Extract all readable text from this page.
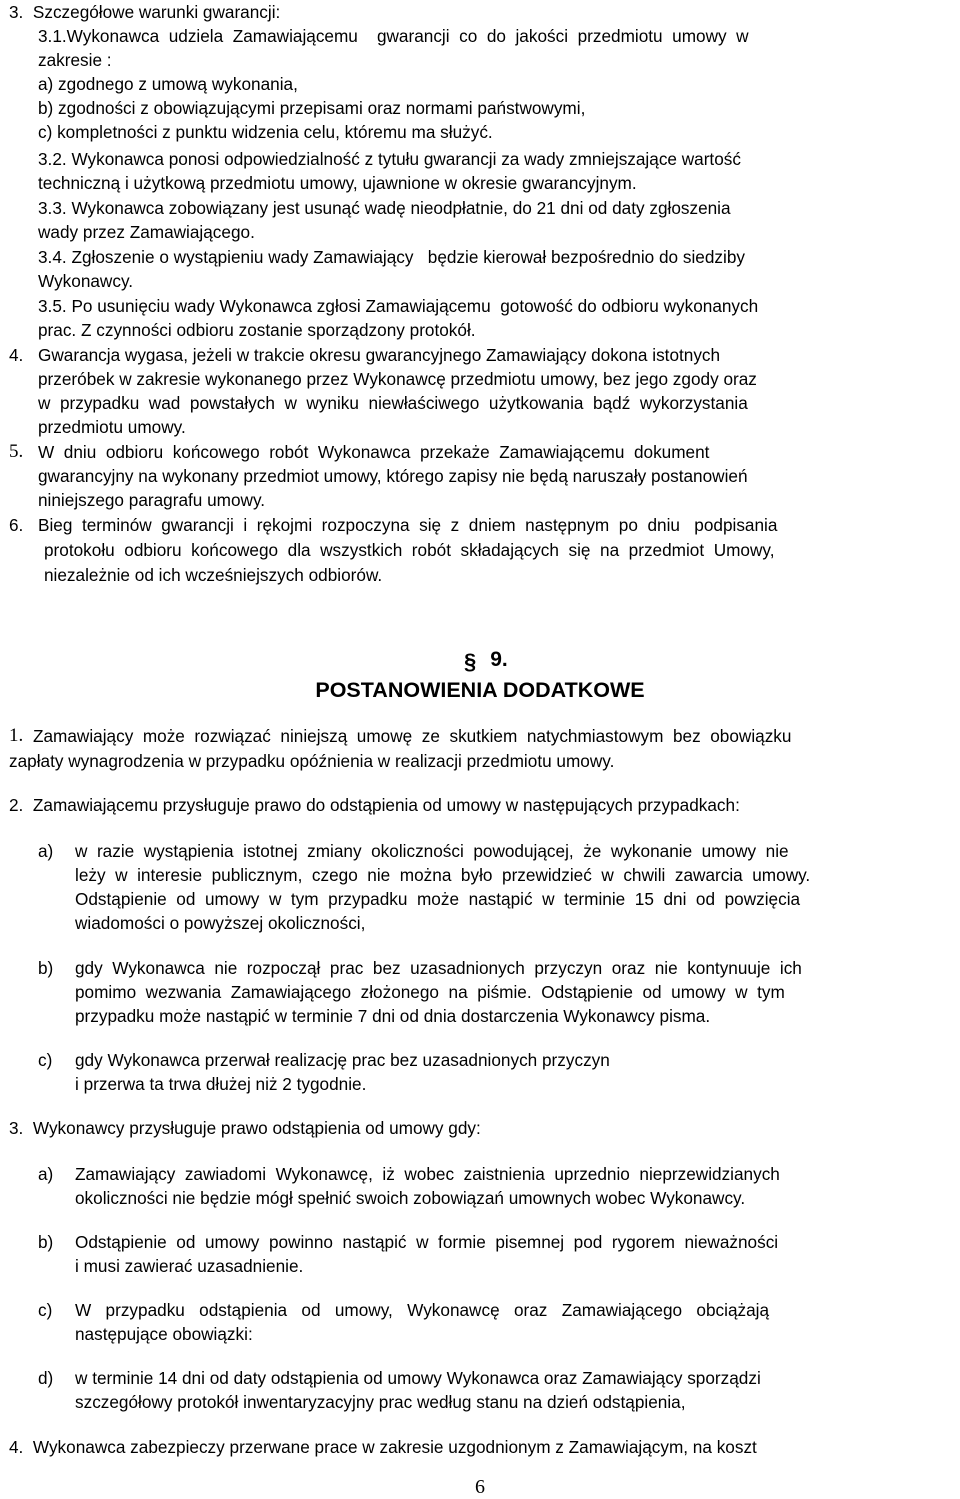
3.  Szczegółowe warunki gwarancji:
3.1.Wykonawca  udziela  Zamawiającemu    gwarancji  co  do  jakości  przedmiotu  umowy  w
zakresie :
a) zgodnego z umową wykonania,
b) zgodności z obowiązującymi przepisami oraz normami państwowymi,
c) kompletności z punktu widzenia celu, któremu ma służyć.
3.2. Wykonawca ponosi odpowiedzialność z tytułu gwarancji za wady zmniejszające wartość
techniczną i użytkową przedmiotu umowy, ujawnione w okresie gwarancyjnym.
3.3. Wykonawca zobowiązany jest usunąć wadę nieodpłatnie, do 21 dni od daty zgłoszenia
wady przez Zamawiającego.
3.4. Zgłoszenie o wystąpieniu wady Zamawiający   będzie kierował bezpośrednio do siedziby
Wykonawcy.
3.5. Po usunięciu wady Wykonawca zgłosi Zamawiającemu  gotowość do odbioru wykonanych
prac. Z czynności odbioru zostanie sporządzony protokół.
4. Gwarancja wygasa, jeżeli w trakcie okresu gwarancyjnego Zamawiający dokona istotnych
przeróbek w zakresie wykonanego przez Wykonawcę przedmiotu umowy, bez jego zgody oraz
w  przypadku  wad  powstałych  w  wyniku  niewłaściwego  użytkowania  bądź  wykorzystania
przedmiotu umowy.
5. W  dniu  odbioru  końcowego  robót  Wykonawca  przekaże  Zamawiającemu  dokument
gwarancyjny na wykonany przedmiot umowy, którego zapisy nie będą naruszały postanowień
niniejszego paragrafu umowy.
6. Bieg  terminów  gwarancji  i  rękojmi  rozpoczyna  się  z  dniem  następnym  po  dniu   podpisania
protokołu  odbioru  końcowego  dla  wszystkich  robót  składających  się  na  przedmiot  Umowy,
niezależnie od ich wcześniejszych odbiorów.
§ 9.
POSTANOWIENIA DODATKOWE
1. Zamawiający  może  rozwiązać  niniejszą  umowę  ze  skutkiem  natychmiastowym  bez  obowiązku
zapłaty wynagrodzenia w przypadku opóźnienia w realizacji przedmiotu umowy.
2.  Zamawiającemu przysługuje prawo do odstąpienia od umowy w następujących przypadkach:
a) w  razie  wystąpienia  istotnej  zmiany  okoliczności  powodującej,  że  wykonanie  umowy  nie
leży  w  interesie  publicznym,  czego  nie  można  było  przewidzieć  w  chwili  zawarcia  umowy.
Odstąpienie  od  umowy  w  tym  przypadku  może  nastąpić  w  terminie  15  dni  od  powzięcia
wiadomości o powyższej okoliczności,
b) gdy  Wykonawca  nie  rozpoczął  prac  bez  uzasadnionych  przyczyn  oraz  nie  kontynuuje  ich
pomimo  wezwania  Zamawiającego  złożonego  na  piśmie.  Odstąpienie  od  umowy  w  tym
przypadku może nastąpić w terminie 7 dni od dnia dostarczenia Wykonawcy pisma.
c) gdy Wykonawca przerwał realizację prac bez uzasadnionych przyczyn
i przerwa ta trwa dłużej niż 2 tygodnie.
3.  Wykonawcy przysługuje prawo odstąpienia od umowy gdy:
a) Zamawiający  zawiadomi  Wykonawcę,  iż  wobec  zaistnienia  uprzednio  nieprzewidzianych
okoliczności nie będzie mógł spełnić swoich zobowiązań umownych wobec Wykonawcy.
b) Odstąpienie  od  umowy  powinno  nastąpić  w  formie  pisemnej  pod  rygorem  nieważności
i musi zawierać uzasadnienie.
c) W   przypadku   odstąpienia   od   umowy,   Wykonawcę   oraz   Zamawiającego   obciążają
następujące obowiązki:
d) w terminie 14 dni od daty odstąpienia od umowy Wykonawca oraz Zamawiający sporządzi
szczegółowy protokół inwentaryzacyjny prac według stanu na dzień odstąpienia,
4.  Wykonawca zabezpieczy przerwane prace w zakresie uzgodnionym z Zamawiającym, na koszt
6
